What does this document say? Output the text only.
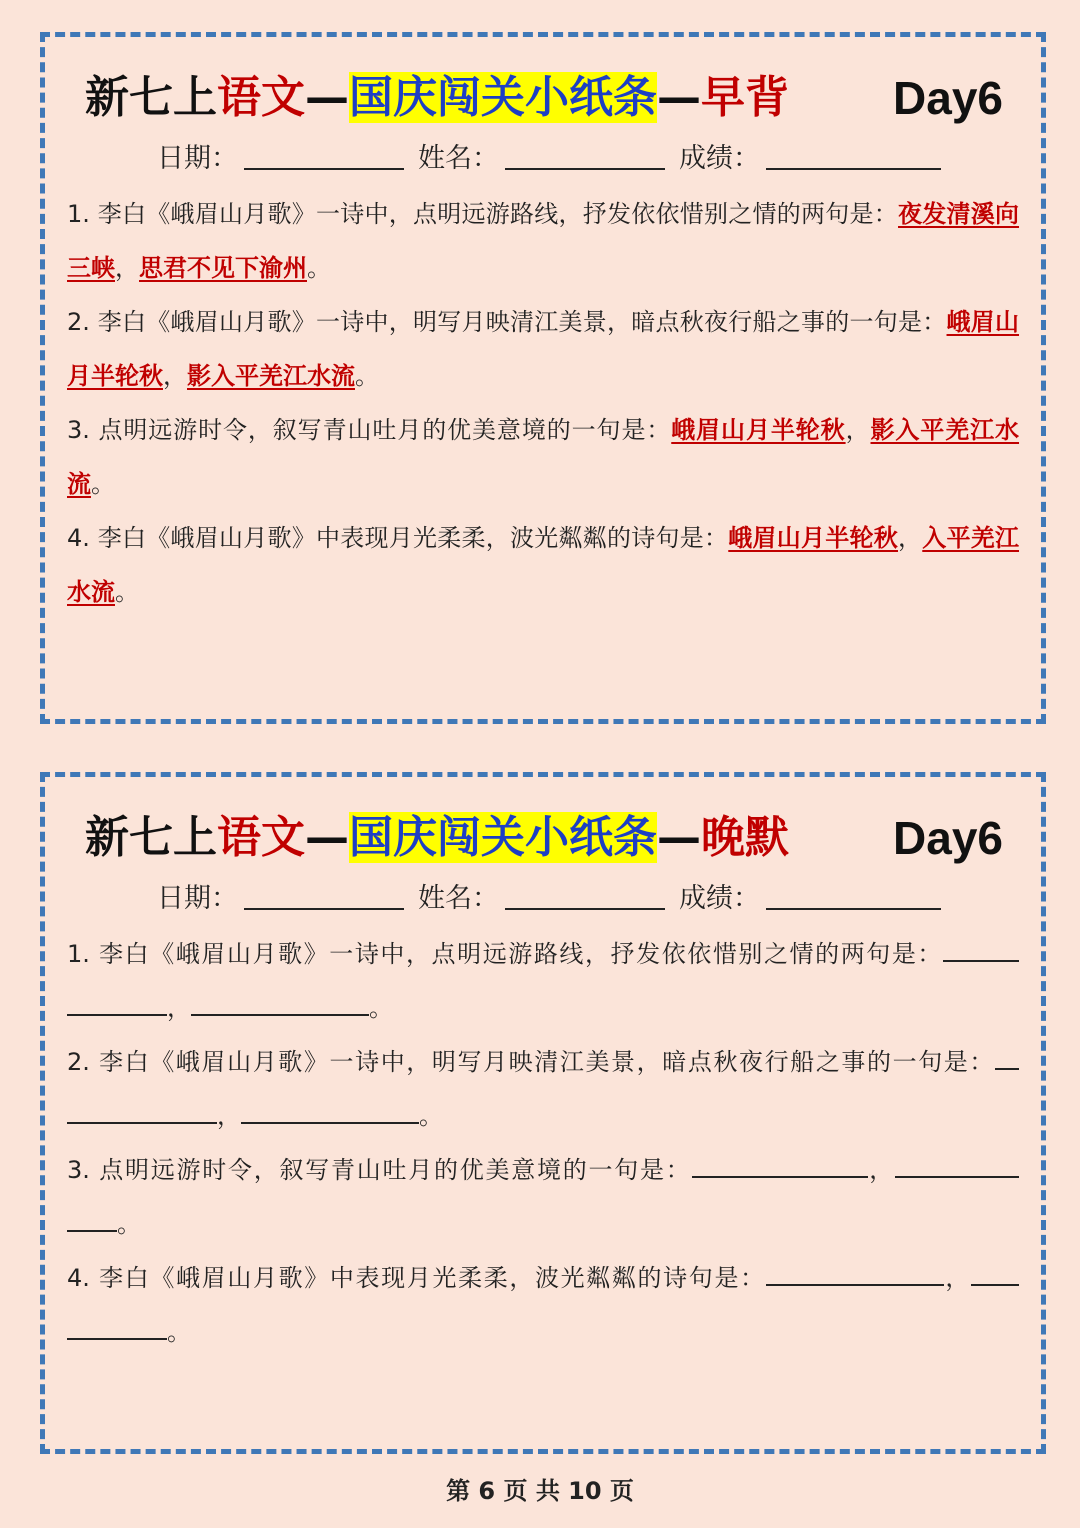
新七上语文—国庆闯关小纸条—早背 Day6
日期：	姓名：	成绩：
1. 李白《峨眉山月歌》一诗中，点明远游路线，抒发依依惜别之情的两句是：夜发清溪向三峡，思君不见下渝州。
2. 李白《峨眉山月歌》一诗中，明写月映清江美景，暗点秋夜行船之事的一句是：峨眉山月半轮秋，影入平羌江水流。
3. 点明远游时令，叙写青山吐月的优美意境的一句是：峨眉山月半轮秋，影入平羌江水流。
4. 李白《峨眉山月歌》中表现月光柔柔，波光粼粼的诗句是：峨眉山月半轮秋，入平羌江水流。
新七上语文—国庆闯关小纸条—晚默 Day6
日期：	姓名：	成绩：
1. 李白《峨眉山月歌》一诗中，点明远游路线，抒发依依惜别之情的两句是： ，	。
2. 李白《峨眉山月歌》一诗中，明写月映清江美景，暗点秋夜行船之事的一句是： ，	。
3. 点明远游时令，叙写青山吐月的优美意境的一句是：	， 。
4. 李白《峨眉山月歌》中表现月光柔柔，波光粼粼的诗句是：	， 。
第 6 页 共 10 页
